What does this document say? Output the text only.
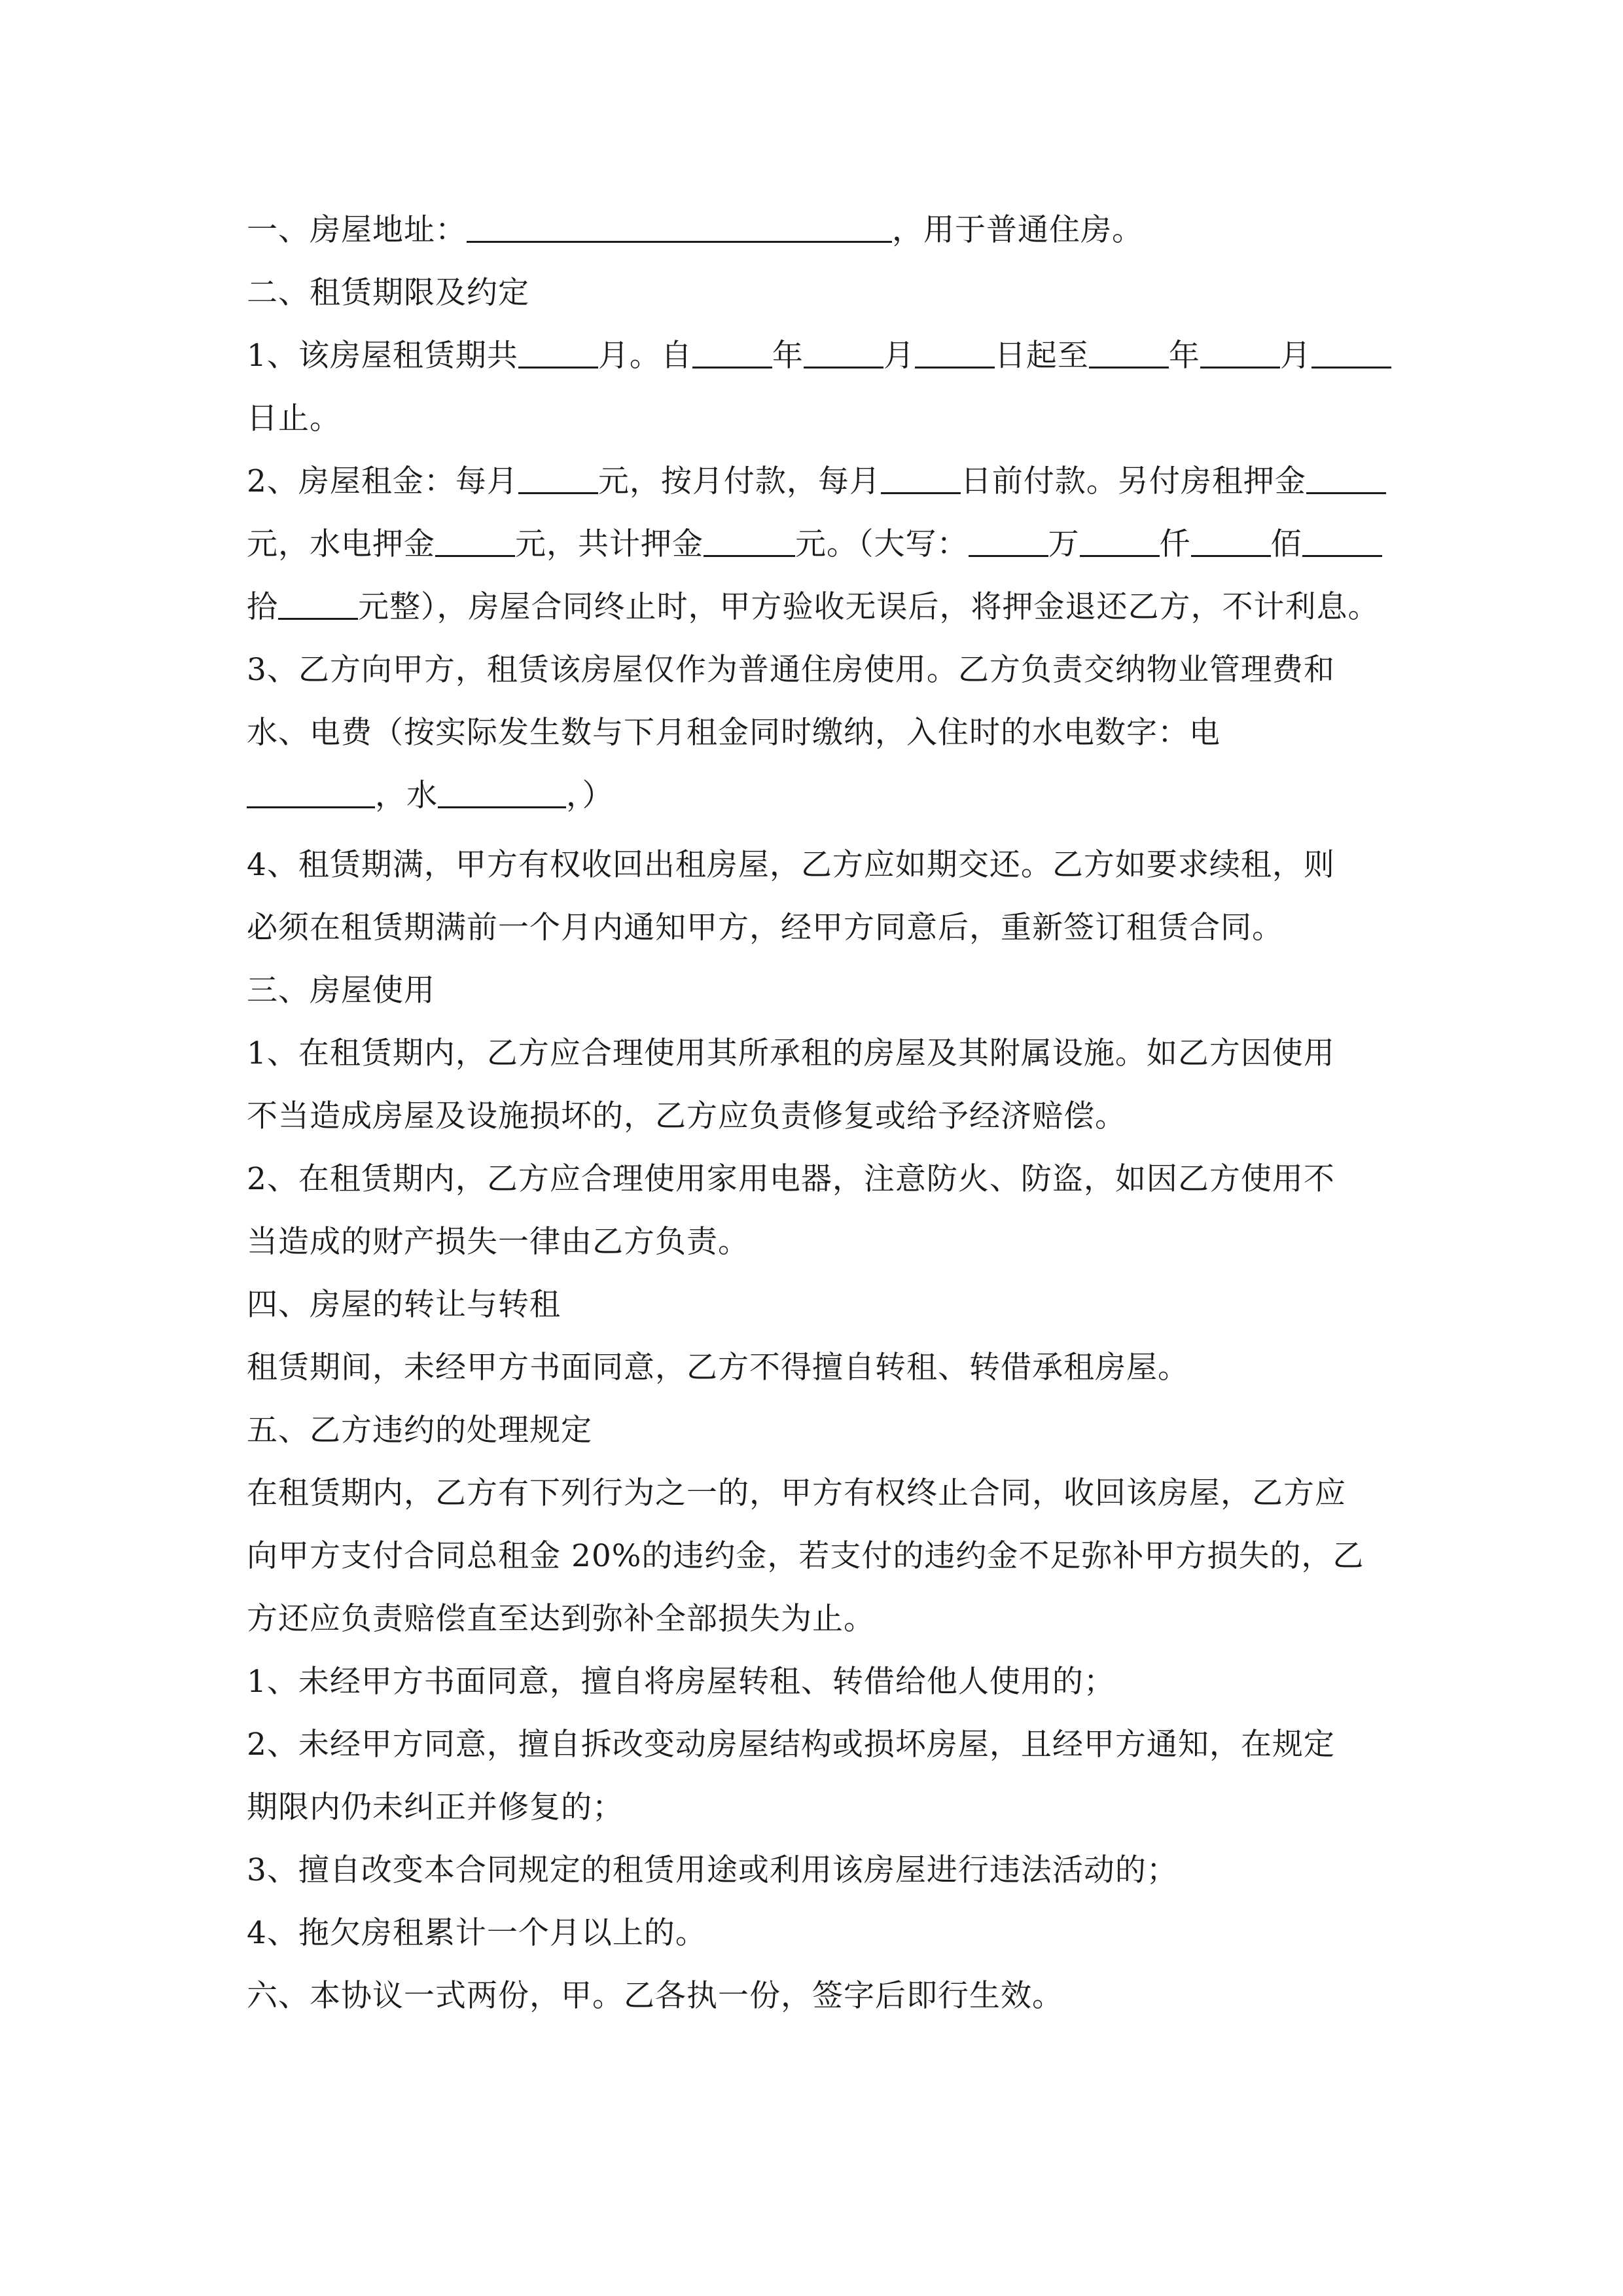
一、房屋地址：	，用于普通住房。
二、租赁期限及约定
1、该房屋租赁期共	月。自	年	月	日起至	年	月
日止。
2、房屋租金：每月	元，按月付款，每月	日前付款。另付房租押金
元，水电押金	元，共计押金	元。（大写：	万	仟	佰
拾	元整），房屋合同终止时，甲方验收无误后，将押金退还乙方，不计利息。
3、乙方向甲方，租赁该房屋仅作为普通住房使用。乙方负责交纳物业管理费和
水、电费（按实际发生数与下月租金同时缴纳，入住时的水电数字：电
，水	，）
4、租赁期满，甲方有权收回出租房屋，乙方应如期交还。乙方如要求续租，则
必须在租赁期满前一个月内通知甲方，经甲方同意后，重新签订租赁合同。
三、房屋使用
1、在租赁期内，乙方应合理使用其所承租的房屋及其附属设施。如乙方因使用
不当造成房屋及设施损坏的，乙方应负责修复或给予经济赔偿。
2、在租赁期内，乙方应合理使用家用电器，注意防火、防盗，如因乙方使用不
当造成的财产损失一律由乙方负责。
四、房屋的转让与转租
租赁期间，未经甲方书面同意，乙方不得擅自转租、转借承租房屋。
五、乙方违约的处理规定
在租赁期内，乙方有下列行为之一的，甲方有权终止合同，收回该房屋，乙方应
向甲方支付合同总租金 20%的违约金，若支付的违约金不足弥补甲方损失的，乙
方还应负责赔偿直至达到弥补全部损失为止。
1、未经甲方书面同意，擅自将房屋转租、转借给他人使用的；
2、未经甲方同意，擅自拆改变动房屋结构或损坏房屋，且经甲方通知，在规定
期限内仍未纠正并修复的；
3、擅自改变本合同规定的租赁用途或利用该房屋进行违法活动的；
4、拖欠房租累计一个月以上的。
六、本协议一式两份，甲。乙各执一份，签字后即行生效。
